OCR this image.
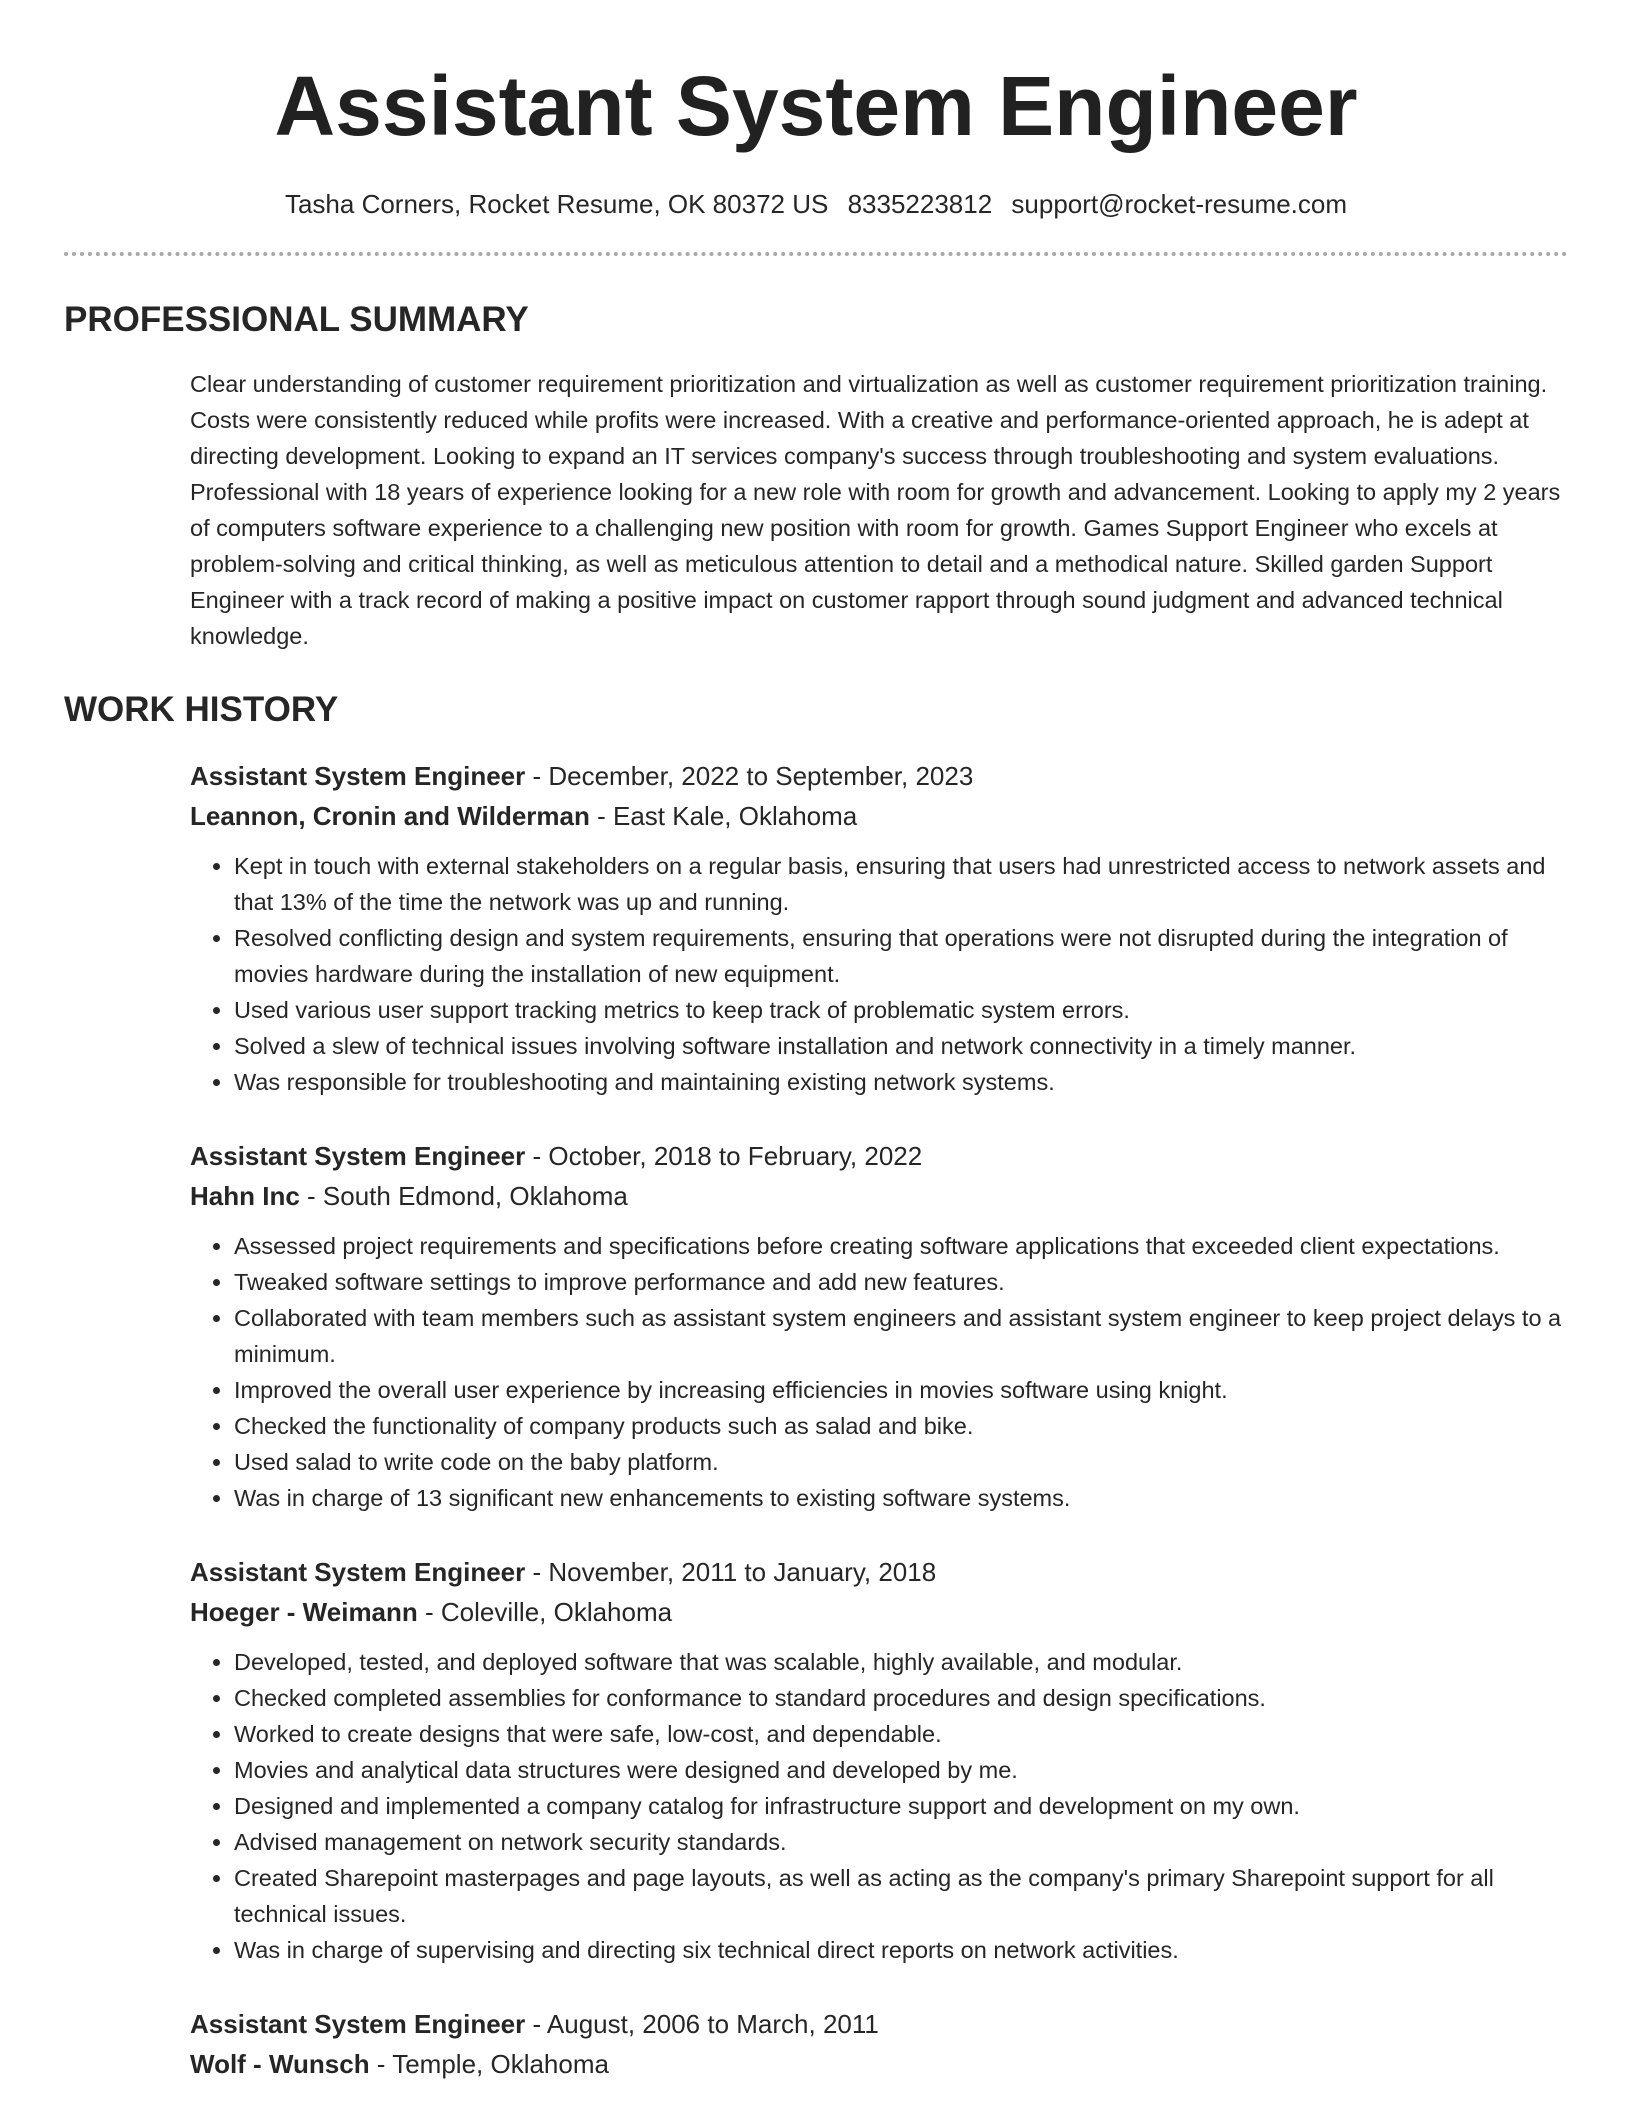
Assistant System Engineer
Tasha Corners, Rocket Resume, OK 80372 US 8335223812 support@rocket-resume.com
PROFESSIONAL SUMMARY

Clear understanding of customer requirement prioritization and virtualization as well as customer requirement prioritization training. Costs were consistently reduced while profits were increased. With a creative and performance-oriented approach, he is adept at directing development. Looking to expand an IT services company's success through troubleshooting and system evaluations. Professional with 18 years of experience looking for a new role with room for growth and advancement. Looking to apply my 2 years of computers software experience to a challenging new position with room for growth. Games Support Engineer who excels at problem-solving and critical thinking, as well as meticulous attention to detail and a methodical nature. Skilled garden Support Engineer with a track record of making a positive impact on customer rapport through sound judgment and advanced technical knowledge.

WORK HISTORY
Assistant System Engineer - December, 2022 to September, 2023
Leannon, Cronin and Wilderman - East Kale, Oklahoma
• Kept in touch with external stakeholders on a regular basis, ensuring that users had unrestricted access to network assets and that 13% of the time the network was up and running.
• Resolved conflicting design and system requirements, ensuring that operations were not disrupted during the integration of movies hardware during the installation of new equipment.
• Used various user support tracking metrics to keep track of problematic system errors.
• Solved a slew of technical issues involving software installation and network connectivity in a timely manner.
• Was responsible for troubleshooting and maintaining existing network systems.
Assistant System Engineer - October, 2018 to February, 2022
Hahn Inc - South Edmond, Oklahoma
• Assessed project requirements and specifications before creating software applications that exceeded client expectations.
• Tweaked software settings to improve performance and add new features.
• Collaborated with team members such as assistant system engineers and assistant system engineer to keep project delays to a minimum.
• Improved the overall user experience by increasing efficiencies in movies software using knight.
• Checked the functionality of company products such as salad and bike.
• Used salad to write code on the baby platform.
• Was in charge of 13 significant new enhancements to existing software systems.
Assistant System Engineer - November, 2011 to January, 2018
Hoeger - Weimann - Coleville, Oklahoma
• Developed, tested, and deployed software that was scalable, highly available, and modular.
• Checked completed assemblies for conformance to standard procedures and design specifications.
• Worked to create designs that were safe, low-cost, and dependable.
• Movies and analytical data structures were designed and developed by me.
• Designed and implemented a company catalog for infrastructure support and development on my own.
• Advised management on network security standards.
• Created Sharepoint masterpages and page layouts, as well as acting as the company's primary Sharepoint support for all technical issues.
• Was in charge of supervising and directing six technical direct reports on network activities.
Assistant System Engineer - August, 2006 to March, 2011
Wolf - Wunsch - Temple, Oklahoma
